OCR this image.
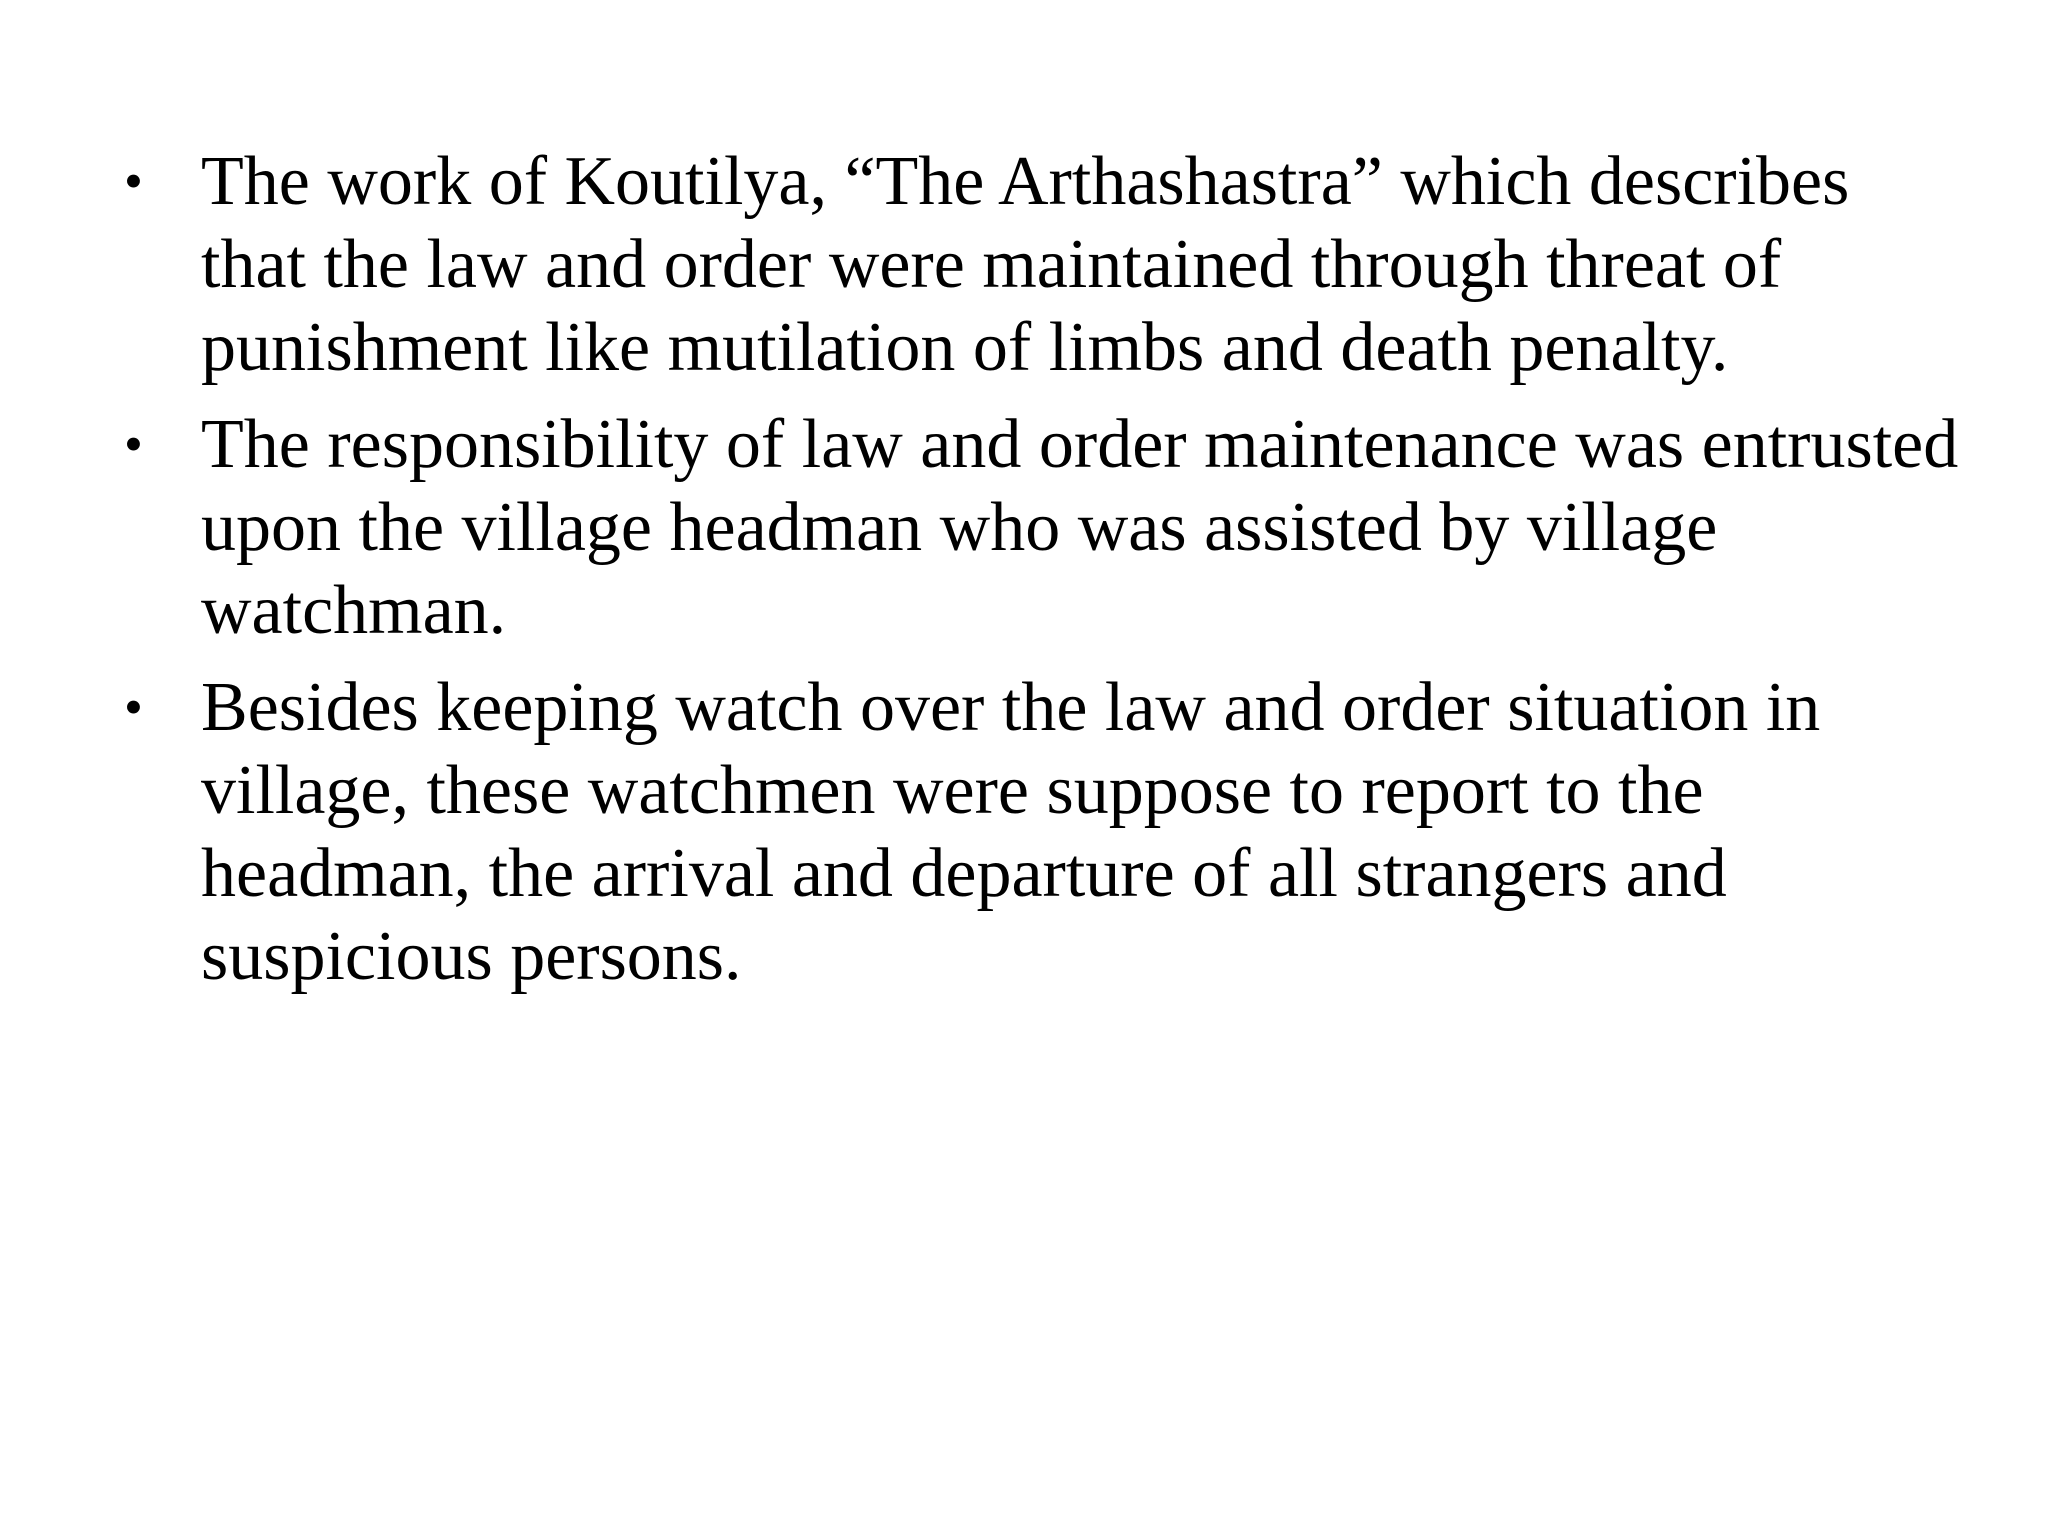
• The work of Koutilya, “The Arthashastra” which describes
that the law and order were maintained through threat of
punishment like mutilation of limbs and death penalty.
• The responsibility of law and order maintenance was entrusted
upon the village headman who was assisted by village
watchman.
• Besides keeping watch over the law and order situation in
village, these watchmen were suppose to report to the
headman, the arrival and departure of all strangers and
suspicious persons.
